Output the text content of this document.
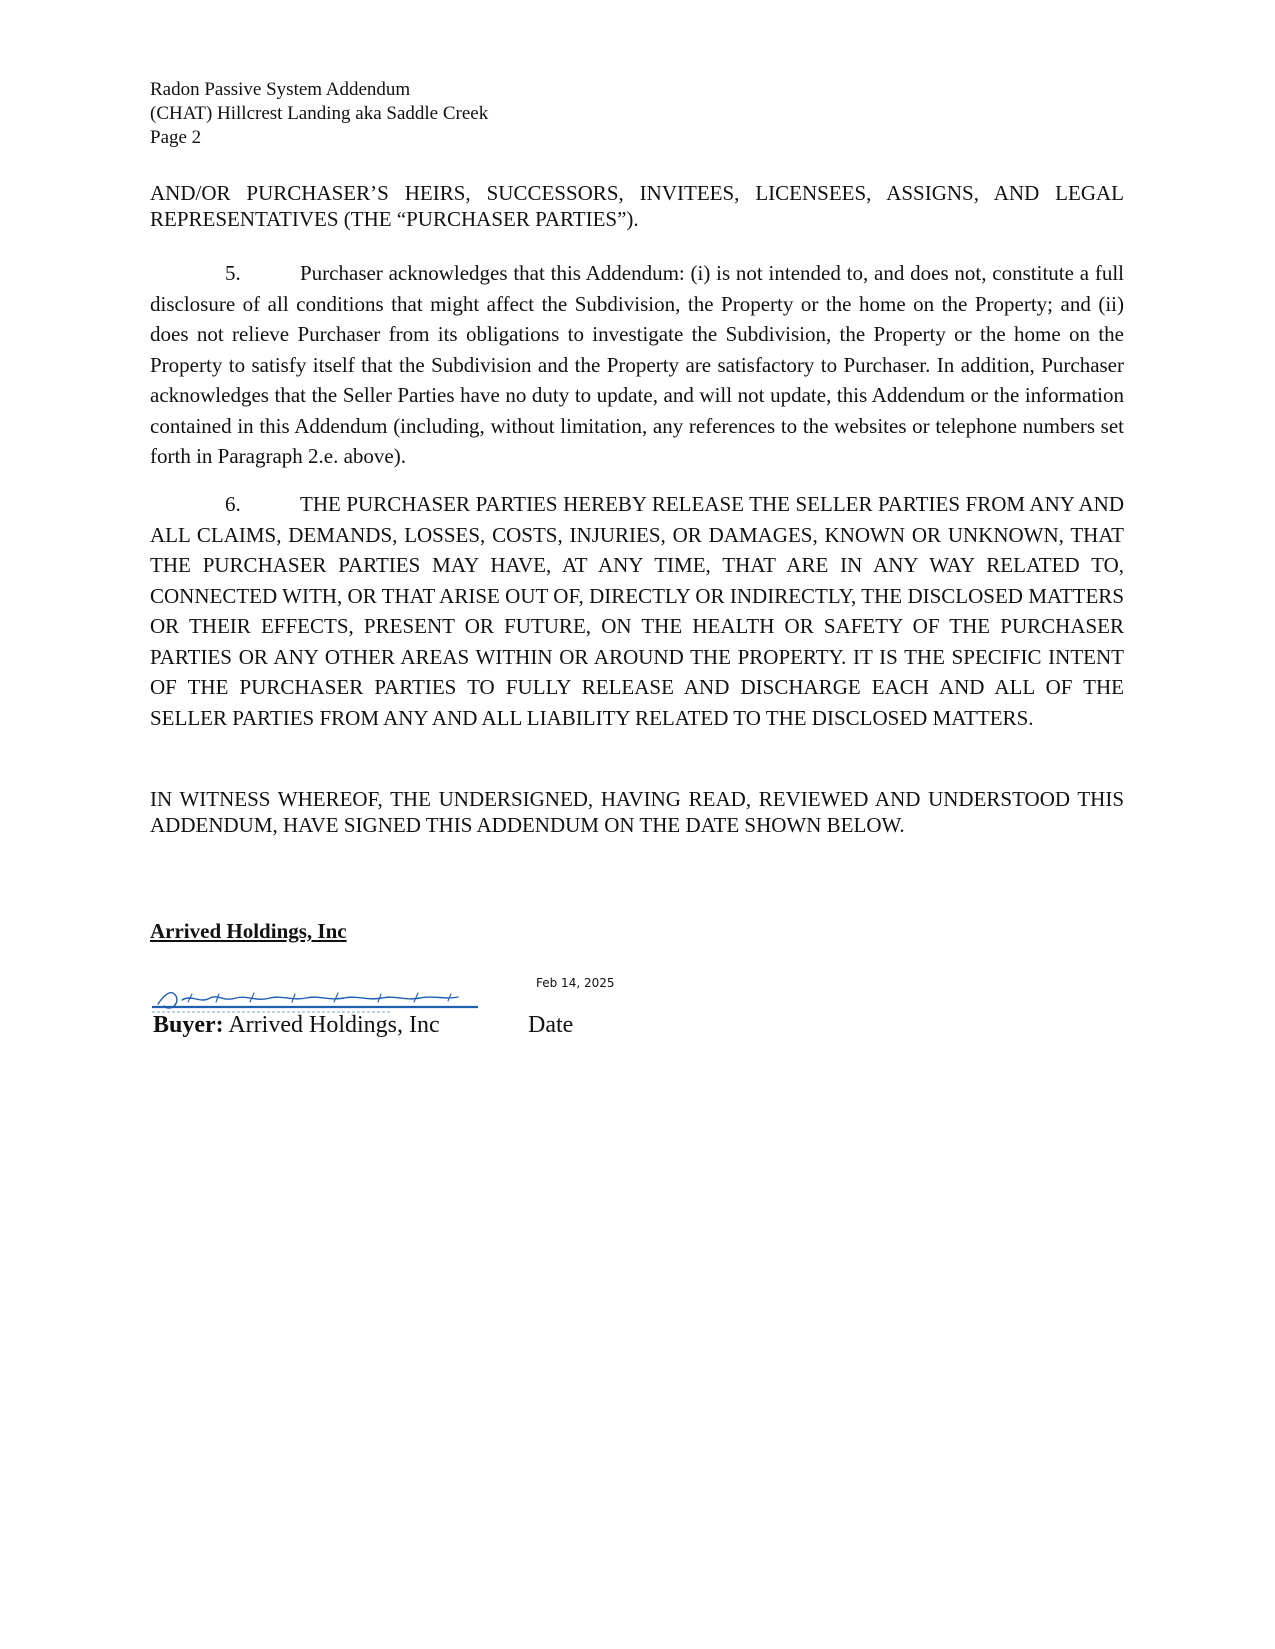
Radon Passive System Addendum
(CHAT) Hillcrest Landing aka Saddle Creek
Page 2

AND/OR PURCHASER’S HEIRS, SUCCESSORS, INVITEES, LICENSEES, ASSIGNS, AND LEGAL REPRESENTATIVES (THE “PURCHASER PARTIES”).

5.	Purchaser acknowledges that this Addendum: (i) is not intended to, and does not, constitute a full disclosure of all conditions that might affect the Subdivision, the Property or the home on the Property; and (ii) does not relieve Purchaser from its obligations to investigate the Subdivision, the Property or the home on the Property to satisfy itself that the Subdivision and the Property are satisfactory to Purchaser. In addition, Purchaser acknowledges that the Seller Parties have no duty to update, and will not update, this Addendum or the information contained in this Addendum (including, without limitation, any references to the websites or telephone numbers set forth in Paragraph 2.e. above).

6.	THE PURCHASER PARTIES HEREBY RELEASE THE SELLER PARTIES FROM ANY AND ALL CLAIMS, DEMANDS, LOSSES, COSTS, INJURIES, OR DAMAGES, KNOWN OR UNKNOWN, THAT THE PURCHASER PARTIES MAY HAVE, AT ANY TIME, THAT ARE IN ANY WAY RELATED TO, CONNECTED WITH, OR THAT ARISE OUT OF, DIRECTLY OR INDIRECTLY, THE DISCLOSED MATTERS OR THEIR EFFECTS, PRESENT OR FUTURE, ON THE HEALTH OR SAFETY OF THE PURCHASER PARTIES OR ANY OTHER AREAS WITHIN OR AROUND THE PROPERTY. IT IS THE SPECIFIC INTENT OF THE PURCHASER PARTIES TO FULLY RELEASE AND DISCHARGE EACH AND ALL OF THE SELLER PARTIES FROM ANY AND ALL LIABILITY RELATED TO THE DISCLOSED MATTERS.

IN WITNESS WHEREOF, THE UNDERSIGNED, HAVING READ, REVIEWED AND UNDERSTOOD THIS ADDENDUM, HAVE SIGNED THIS ADDENDUM ON THE DATE SHOWN BELOW.

Arrived Holdings, Inc
Feb 14, 2025
Buyer: Arrived Holdings, Inc	Date
